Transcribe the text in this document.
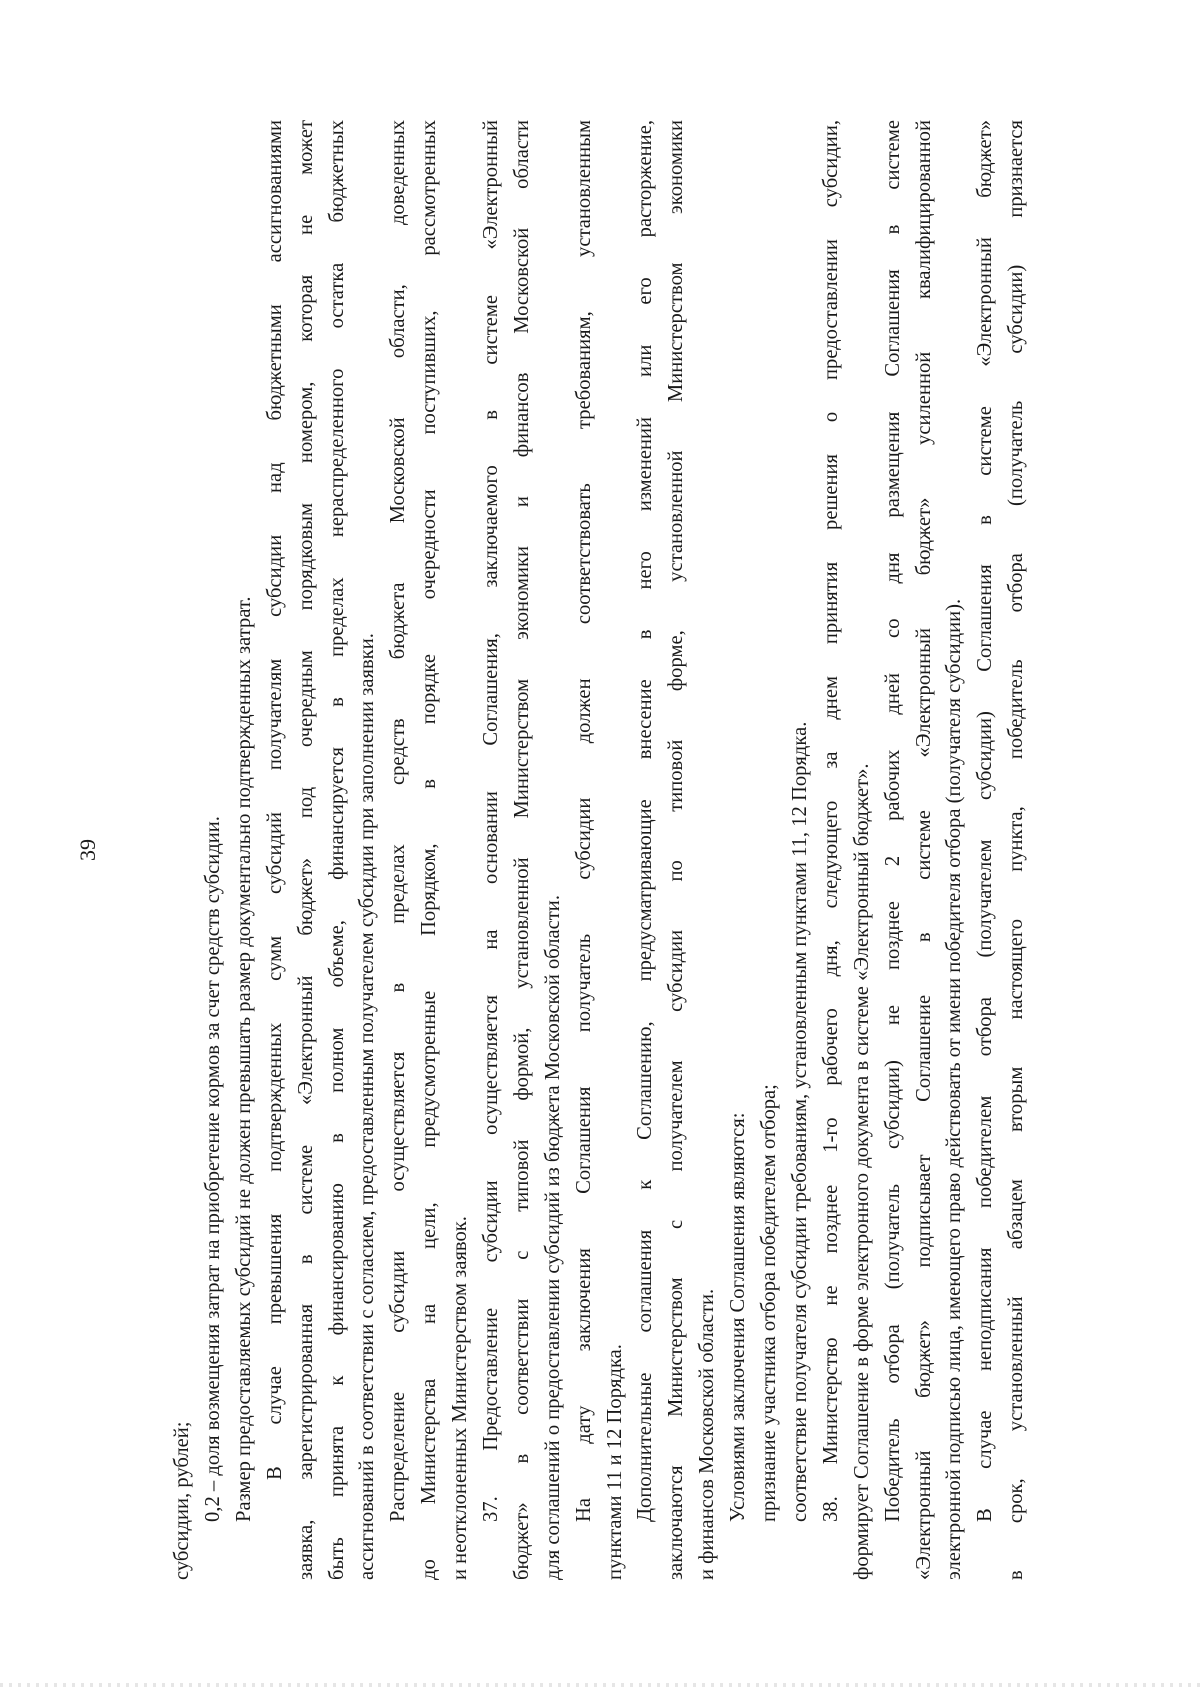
39
субсидии, рублей; 0,2 – доля возмещения затрат на приобретение кормов за счет средств субсидии. Размер предоставляемых субсидий не должен превышать размер документально подтвержденных затрат. В случае превышения подтвержденных сумм субсидий получателям субсидии над бюджетными ассигнованиями заявка, зарегистрированная в системе «Электронный бюджет» под очередным порядковым номером, которая не может быть принята к финансированию в полном объеме, финансируется в пределах нераспределенного остатка бюджетных ассигнований в соответствии с согласием, предоставленным получателем субсидии при заполнении заявки. Распределение субсидии осуществляется в пределах средств бюджета Московской области, доведенных до Министерства на цели, предусмотренные Порядком, в порядке очередности поступивших, рассмотренных и неотклоненных Министерством заявок. 37. Предоставление субсидии осуществляется на основании Соглашения, заключаемого в системе «Электронный бюджет» в соответствии с типовой формой, установленной Министерством экономики и финансов Московской области для соглашений о предоставлении субсидий из бюджета Московской области. На дату заключения Соглашения получатель субсидии должен соответствовать требованиям, установленным пунктами 11 и 12 Порядка. Дополнительные соглашения к Соглашению, предусматривающие внесение в него изменений или его расторжение, заключаются Министерством с получателем субсидии по типовой форме, установленной Министерством экономики и финансов Московской области. Условиями заключения Соглашения являются: признание участника отбора победителем отбора; соответствие получателя субсидии требованиям, установленным пунктами 11, 12 Порядка. 38. Министерство не позднее 1-го рабочего дня, следующего за днем принятия решения о предоставлении субсидии, формирует Соглашение в форме электронного документа в системе «Электронный бюджет». Победитель отбора (получатель субсидии) не позднее 2 рабочих дней со дня размещения Соглашения в системе «Электронный бюджет» подписывает Соглашение в системе «Электронный бюджет» усиленной квалифицированной электронной подписью лица, имеющего право действовать от имени победителя отбора (получателя субсидии). В случае неподписания победителем отбора (получателем субсидии) Соглашения в системе «Электронный бюджет» в срок, установленный абзацем вторым настоящего пункта, победитель отбора (получатель субсидии) признается
